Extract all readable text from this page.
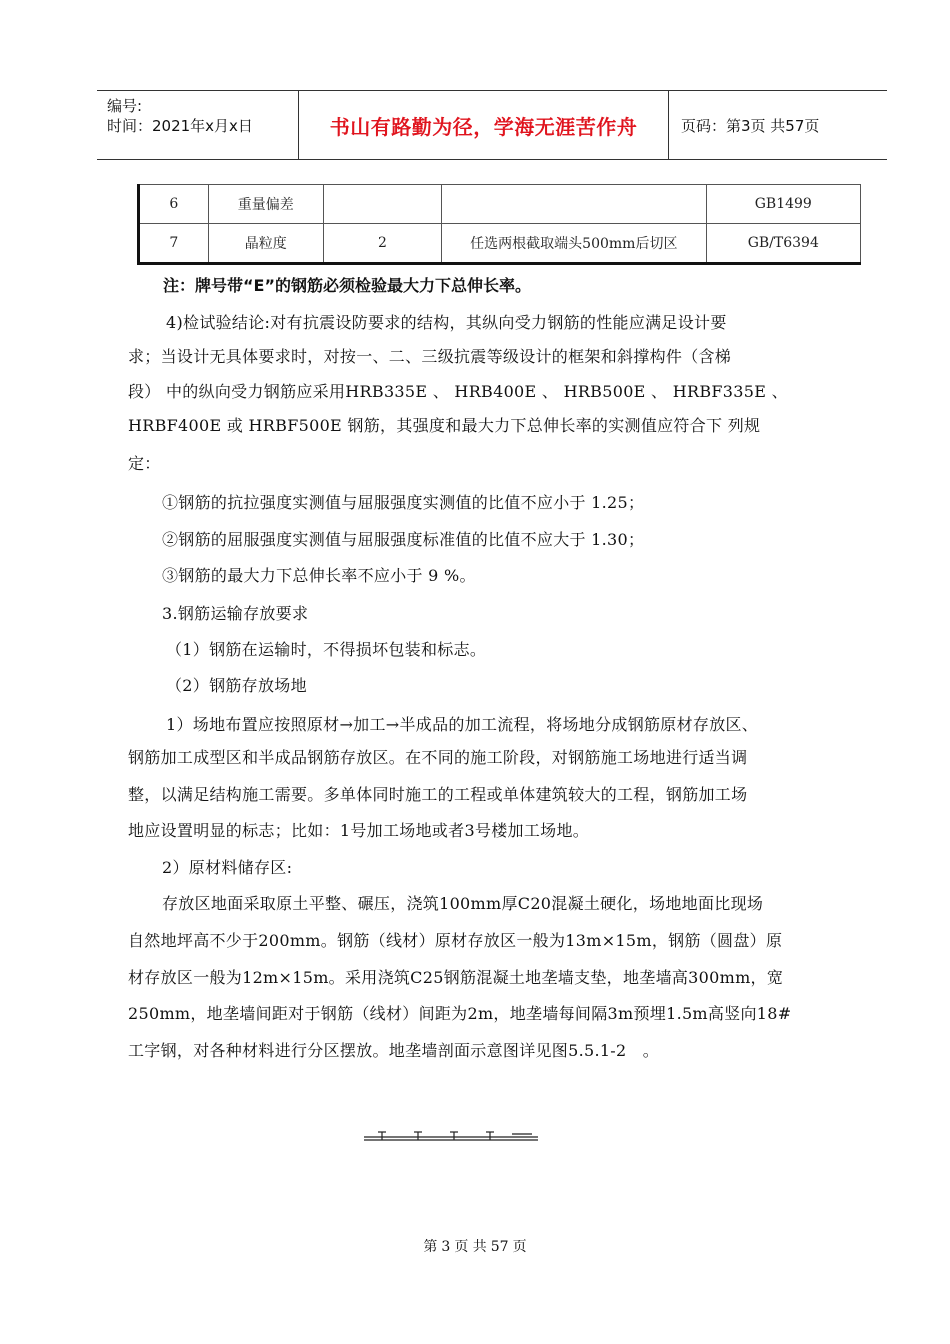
编号:
时间：2021年x月x日	书山有路勤为径，学海无涯苦作舟	页码：第3页 共57页
6	重量偏差			GB1499
7	晶粒度	2	任选两根截取端头500mm后切区	GB/T6394
注：牌号带“E”的钢筋必须检验最大力下总伸长率。
4)检试验结论:对有抗震设防要求的结构，其纵向受力钢筋的性能应满足设计要
求；当设计无具体要求时，对按一、二、三级抗震等级设计的框架和斜撑构件（含梯
段） 中的纵向受力钢筋应采用HRB335E 、 HRB400E 、 HRB500E 、 HRBF335E 、
HRBF400E 或 HRBF500E 钢筋，其强度和最大力下总伸长率的实测值应符合下 列规
定：
①钢筋的抗拉强度实测值与屈服强度实测值的比值不应小于 1.25；
②钢筋的屈服强度实测值与屈服强度标准值的比值不应大于 1.30；
③钢筋的最大力下总伸长率不应小于 9 %。
3.钢筋运输存放要求
（1）钢筋在运输时，不得损坏包装和标志。
（2）钢筋存放场地
1）场地布置应按照原材→加工→半成品的加工流程，将场地分成钢筋原材存放区、
钢筋加工成型区和半成品钢筋存放区。在不同的施工阶段，对钢筋施工场地进行适当调
整，以满足结构施工需要。多单体同时施工的工程或单体建筑较大的工程，钢筋加工场
地应设置明显的标志；比如：1号加工场地或者3号楼加工场地。
2）原材料储存区:
存放区地面采取原土平整、碾压，浇筑100mm厚C20混凝土硬化，场地地面比现场
自然地坪高不少于200mm。钢筋（线材）原材存放区一般为13m×15m，钢筋（圆盘）原
材存放区一般为12m×15m。采用浇筑C25钢筋混凝土地垄墙支垫，地垄墙高300mm，宽
250mm，地垄墙间距对于钢筋（线材）间距为2m，地垄墙每间隔3m预埋1.5m高竖向18#
工字钢，对各种材料进行分区摆放。地垄墙剖面示意图详见图5.5.1-2　。
第 3 页 共 57 页
